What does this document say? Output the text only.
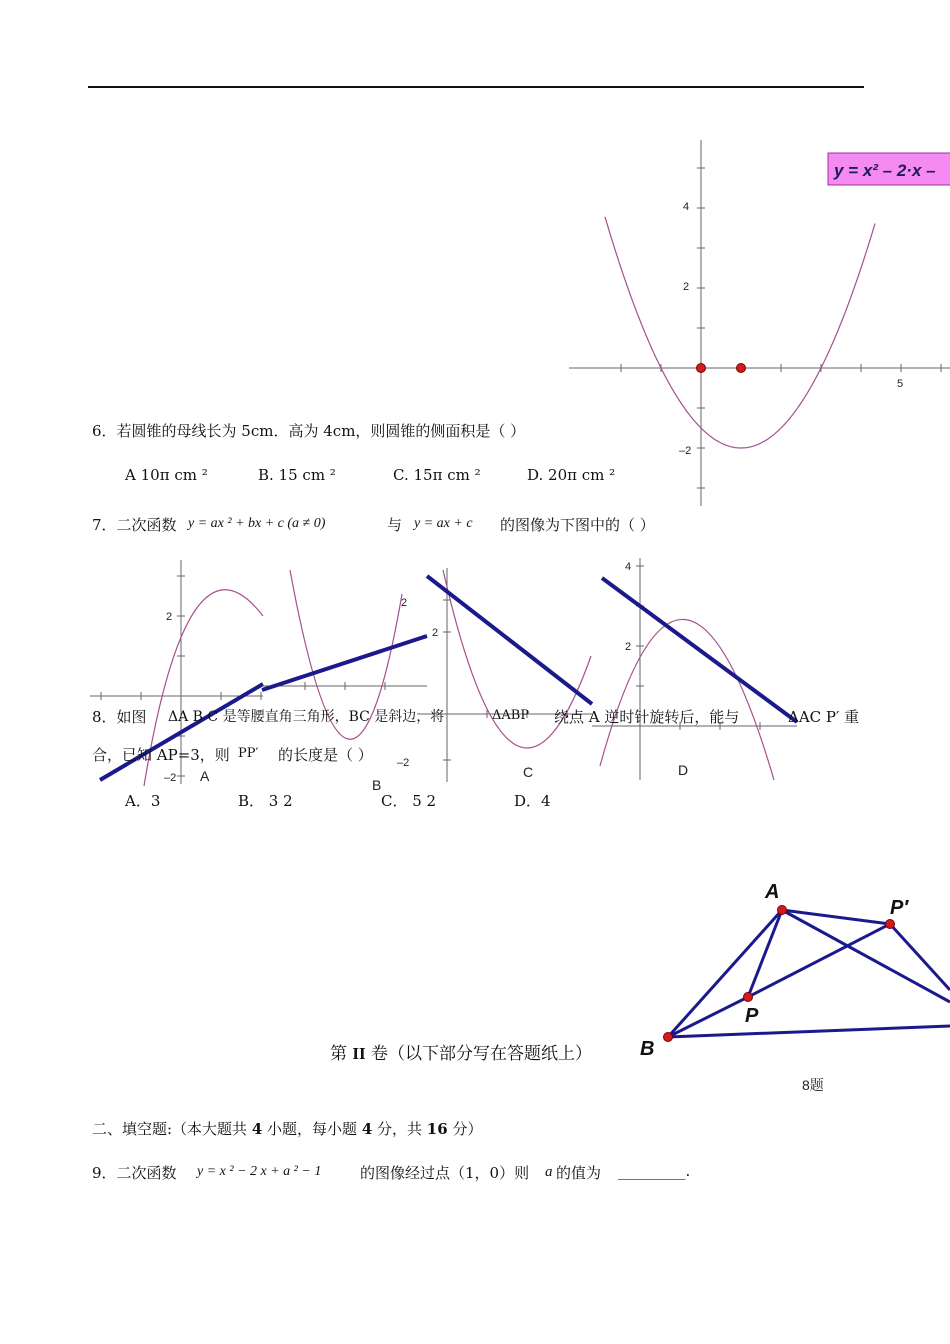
4
2
–2
5
y = x² – 2·x –
6．若圆锥的母线长为 5cm．高为 4cm，则圆锥的侧面积是（ ）
A 10π cm ²	B. 15 cm ²	C. 15π cm ²	D. 20π cm ²
7．二次函数 y = ax ² + bx + c (a ≠ 0)	与 y = ax + c 的图像为下图中的（ ）
2
–2 A
B
2
2
–2
C
4
2
D
8．如图 ΔA B C 是等腰直角三角形，BC 是斜边，将	ΔABP 绕点 A 逆时针旋转后，能与	ΔAC P′ 重
合，已知 AP=3，则 PP′ 的长度是（ ）
A．3	B． 3 2	C． 5 2	D．4
A
P′
P
B
8题
第 II 卷（以下部分写在答题纸上）
二、填空题:（本大题共 4 小题，每小题 4 分，共 16 分）
9．二次函数 y = x ² − 2 x + a ² − 1	的图像经过点（1，0）则 a 的值为 _________.
